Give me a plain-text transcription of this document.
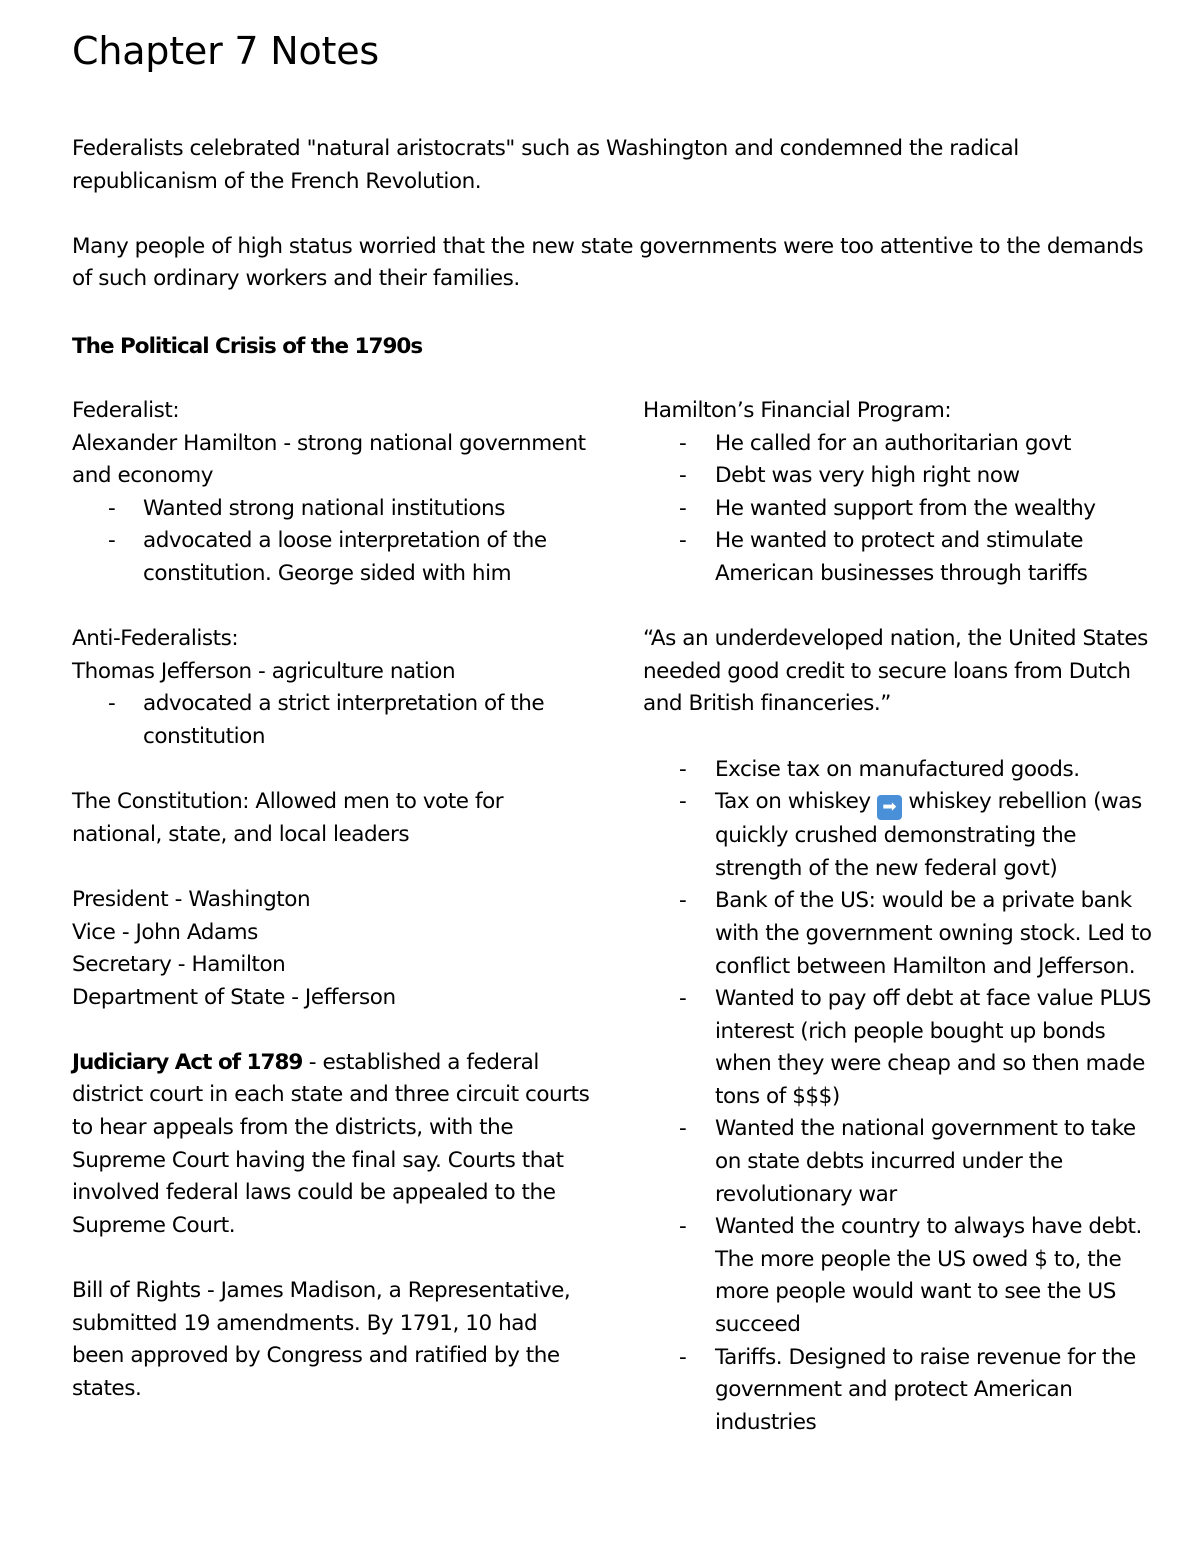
Chapter 7 Notes

Federalists celebrated "natural aristocrats" such as Washington and condemned the radical republicanism of the French Revolution.

Many people of high status worried that the new state governments were too attentive to the demands of such ordinary workers and their families.

The Political Crisis of the 1790s

Federalist:

Alexander Hamilton - strong national government and economy

- Wanted strong national institutions
- advocated a loose interpretation of the constitution. George sided with him

Anti-Federalists:

Thomas Jefferson - agriculture nation

- advocated a strict interpretation of the constitution

The Constitution: Allowed men to vote for national, state, and local leaders

President - Washington

Vice - John Adams

Secretary - Hamilton

Department of State - Jefferson

Judiciary Act of 1789 - established a federal district court in each state and three circuit courts to hear appeals from the districts, with the Supreme Court having the final say. Courts that involved federal laws could be appealed to the Supreme Court.

Bill of Rights - James Madison, a Representative, submitted 19 amendments. By 1791, 10 had been approved by Congress and ratified by the states.

Hamilton’s Financial Program:

- He called for an authoritarian govt
- Debt was very high right now
- He wanted support from the wealthy
- He wanted to protect and stimulate American businesses through tariffs

“As an underdeveloped nation, the United States needed good credit to secure loans from Dutch and British financeries.”

- Excise tax on manufactured goods.
- Tax on whiskey ➡ whiskey rebellion (was quickly crushed demonstrating the strength of the new federal govt)
- Bank of the US: would be a private bank with the government owning stock. Led to conflict between Hamilton and Jefferson.
- Wanted to pay off debt at face value PLUS interest (rich people bought up bonds when they were cheap and so then made tons of $$$)
- Wanted the national government to take on state debts incurred under the revolutionary war
- Wanted the country to always have debt. The more people the US owed $ to, the more people would want to see the US succeed
- Tariffs. Designed to raise revenue for the government and protect American industries
